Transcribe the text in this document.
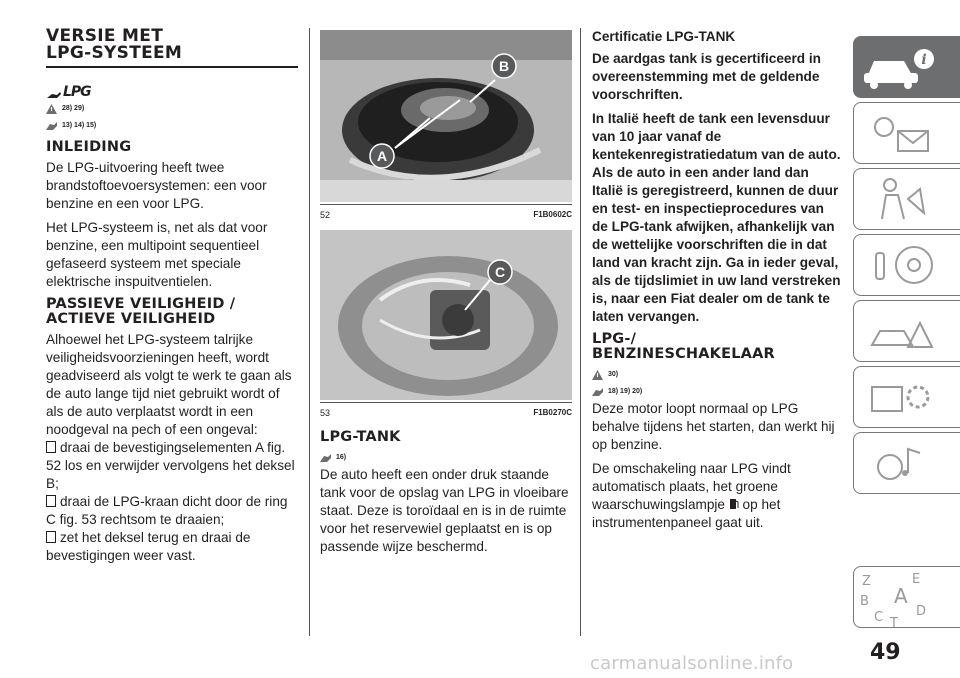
VERSIE MET
LPG-SYSTEEM
LPG
28) 29)
13) 14) 15)
INLEIDING

De LPG-uitvoering heeft twee brandstoftoevoersystemen: een voor benzine en een voor LPG.

Het LPG-systeem is, net als dat voor benzine, een multipoint sequentieel gefaseerd systeem met speciale elektrische inspuitventielen.

PASSIEVE VEILIGHEID /
ACTIEVE VEILIGHEID

Alhoewel het LPG-systeem talrijke veiligheidsvoorzieningen heeft, wordt geadviseerd als volgt te werk te gaan als de auto lange tijd niet gebruikt wordt of als de auto verplaatst wordt in een noodgeval na pech of een ongeval:

draai de bevestigingselementen A fig. 52 los en verwijder vervolgens het deksel B;
draai de LPG-kraan dicht door de ring C fig. 53 rechtsom te draaien;
zet het deksel terug en draai de bevestigingen weer vast.
A
B
52	F1B0602C
C
53	F1B0270C
LPG-TANK
16)

De auto heeft een onder druk staande tank voor de opslag van LPG in vloeibare staat. Deze is toroïdaal en is in de ruimte voor het reservewiel geplaatst en is op passende wijze beschermd.

Certificatie LPG-TANK

De aardgas tank is gecertificeerd in overeenstemming met de geldende voorschriften.

In Italië heeft de tank een levensduur van 10 jaar vanaf de kentekenregistratiedatum van de auto. Als de auto in een ander land dan Italië is geregistreerd, kunnen de duur en test- en inspectieprocedures van de LPG-tank afwijken, afhankelijk van de wettelijke voorschriften die in dat land van kracht zijn. Ga in ieder geval, als de tijdslimiet in uw land verstreken is, naar een Fiat dealer om de tank te laten vervangen.

LPG-/
BENZINESCHAKELAAR
30)
18) 19) 20)

Deze motor loopt normaal op LPG behalve tijdens het starten, dan werkt hij op benzine.

De omschakeling naar LPG vindt automatisch plaats, het groene waarschuwingslampje op het instrumentenpaneel gaat uit.

i
Z	E
B A
C	D
T
49
carmanualsonline.info
